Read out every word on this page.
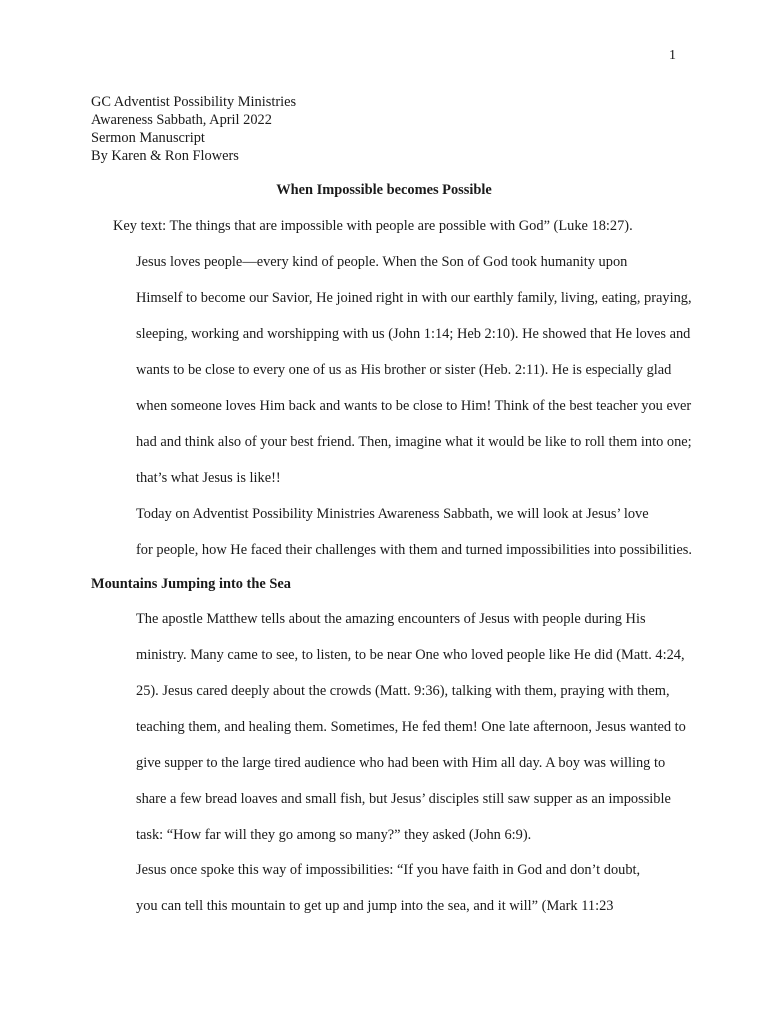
1
GC Adventist Possibility Ministries
Awareness Sabbath, April 2022
Sermon Manuscript
By Karen & Ron Flowers
When Impossible becomes Possible
Key text: The things that are impossible with people are possible with God” (Luke 18:27).

Jesus loves people—every kind of people. When the Son of God took humanity upon
Himself to become our Savior, He joined right in with our earthly family, living, eating, praying,
sleeping, working and worshipping with us (John 1:14; Heb 2:10). He showed that He loves and
wants to be close to every one of us as His brother or sister (Heb. 2:11). He is especially glad
when someone loves Him back and wants to be close to Him! Think of the best teacher you ever
had and think also of your best friend. Then, imagine what it would be like to roll them into one;
that’s what Jesus is like!!

Today on Adventist Possibility Ministries Awareness Sabbath, we will look at Jesus’ love
for people, how He faced their challenges with them and turned impossibilities into possibilities.

Mountains Jumping into the Sea

The apostle Matthew tells about the amazing encounters of Jesus with people during His
ministry. Many came to see, to listen, to be near One who loved people like He did (Matt. 4:24,
25). Jesus cared deeply about the crowds (Matt. 9:36), talking with them, praying with them,
teaching them, and healing them. Sometimes, He fed them! One late afternoon, Jesus wanted to
give supper to the large tired audience who had been with Him all day. A boy was willing to
share a few bread loaves and small fish, but Jesus’ disciples still saw supper as an impossible
task: “How far will they go among so many?” they asked (John 6:9).

Jesus once spoke this way of impossibilities: “If you have faith in God and don’t doubt,
you can tell this mountain to get up and jump into the sea, and it will” (Mark 11:23
